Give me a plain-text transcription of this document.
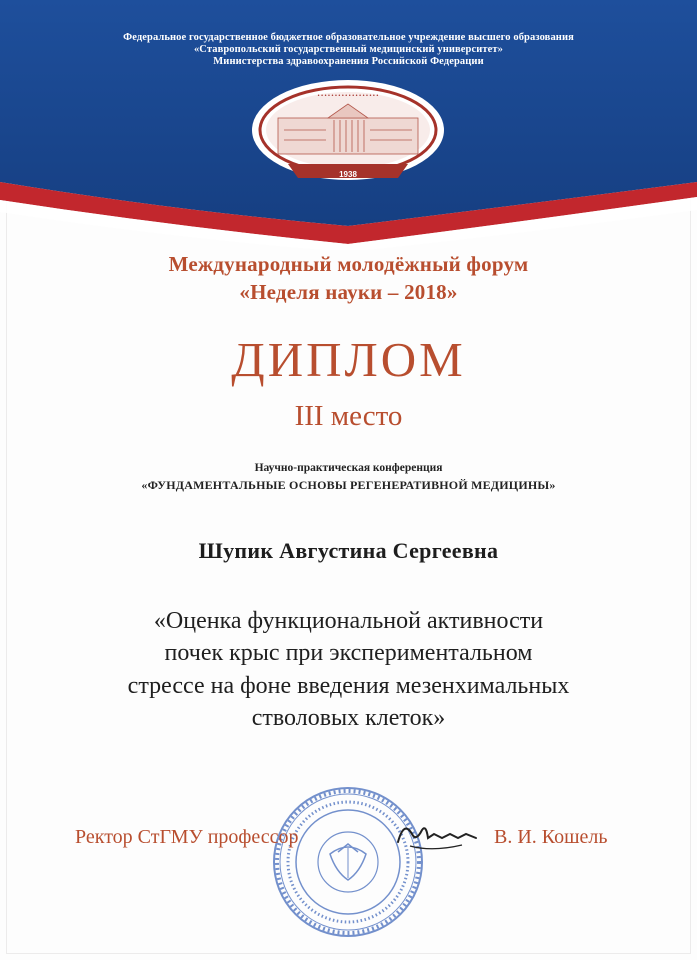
Федеральное государственное бюджетное образовательное учреждение высшего образования
«Ставропольский государственный медицинский университет»
Министерства здравоохранения Российской Федерации
• • • • • • • • • • • • • • • • • •
1938
Международный молодёжный форум
«Неделя науки – 2018»
ДИПЛОМ
III место
Научно-практическая конференция
«ФУНДАМЕНТАЛЬНЫЕ ОСНОВЫ РЕГЕНЕРАТИВНОЙ МЕДИЦИНЫ»
Шупик Августина Сергеевна
«Оценка функциональной активности
почек крыс при экспериментальном
стрессе на фоне введения мезенхимальных
стволовых клеток»
Ректор СтГМУ профессор	В. И. Кошель
